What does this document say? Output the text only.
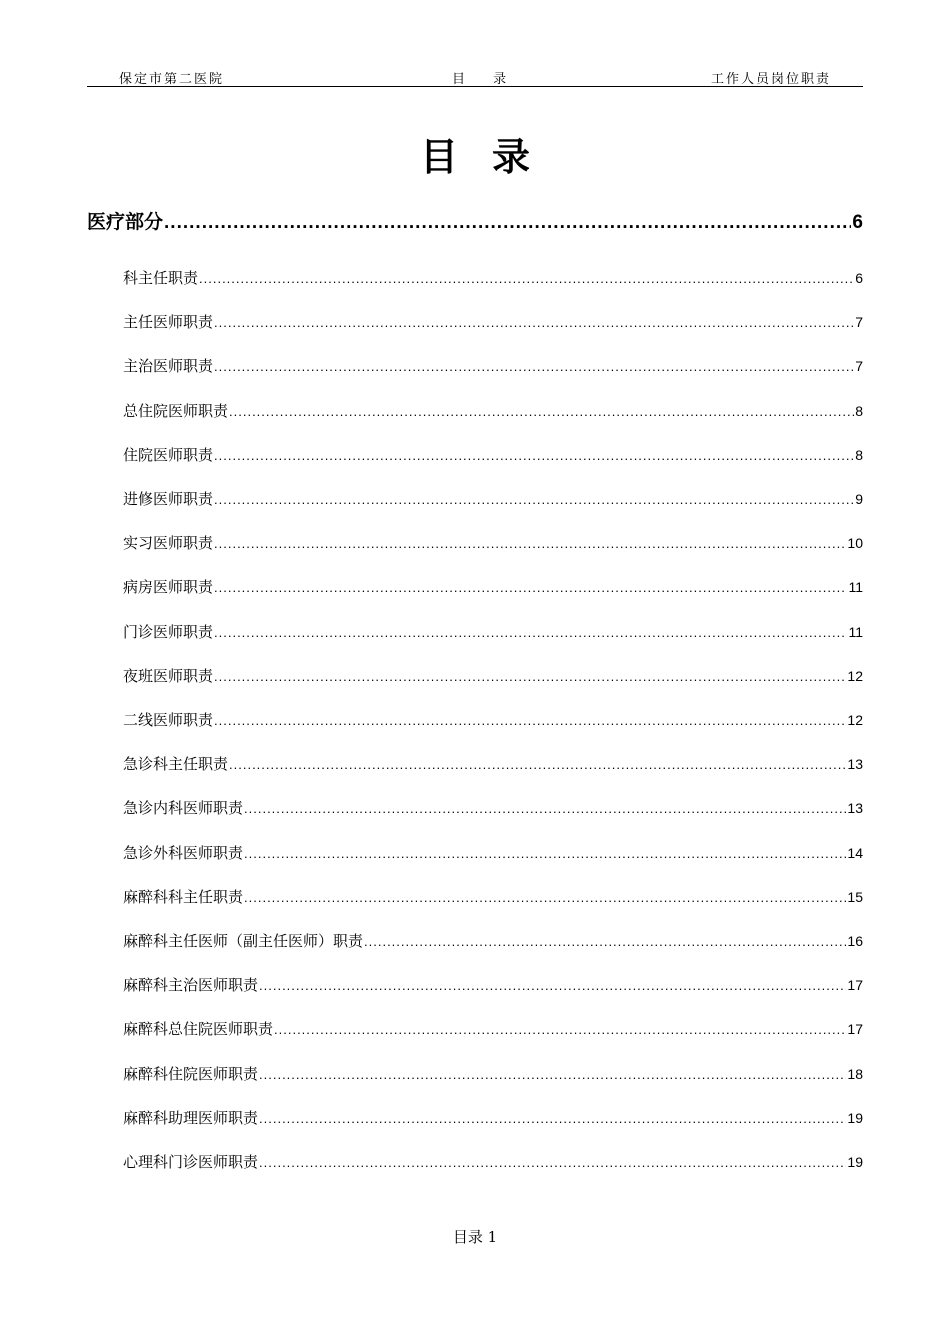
保定市第二医院	目 录	工作人员岗位职责
目录
医疗部分 .....	6
科主任职责 .....	6
主任医师职责 .....	7
主治医师职责 .....	7
总住院医师职责 .....	8
住院医师职责 .....	8
进修医师职责 .....	9
实习医师职责 .....	10
病房医师职责 .....	11
门诊医师职责 .....	11
夜班医师职责 .....	12
二线医师职责 .....	12
急诊科主任职责 .....	13
急诊内科医师职责 .....	13
急诊外科医师职责 .....	14
麻醉科科主任职责 .....	15
麻醉科主任医师（副主任医师）职责 .....	16
麻醉科主治医师职责 .....	17
麻醉科总住院医师职责 .....	17
麻醉科住院医师职责 .....	18
麻醉科助理医师职责 .....	19
心理科门诊医师职责 .....	19
目录 1
